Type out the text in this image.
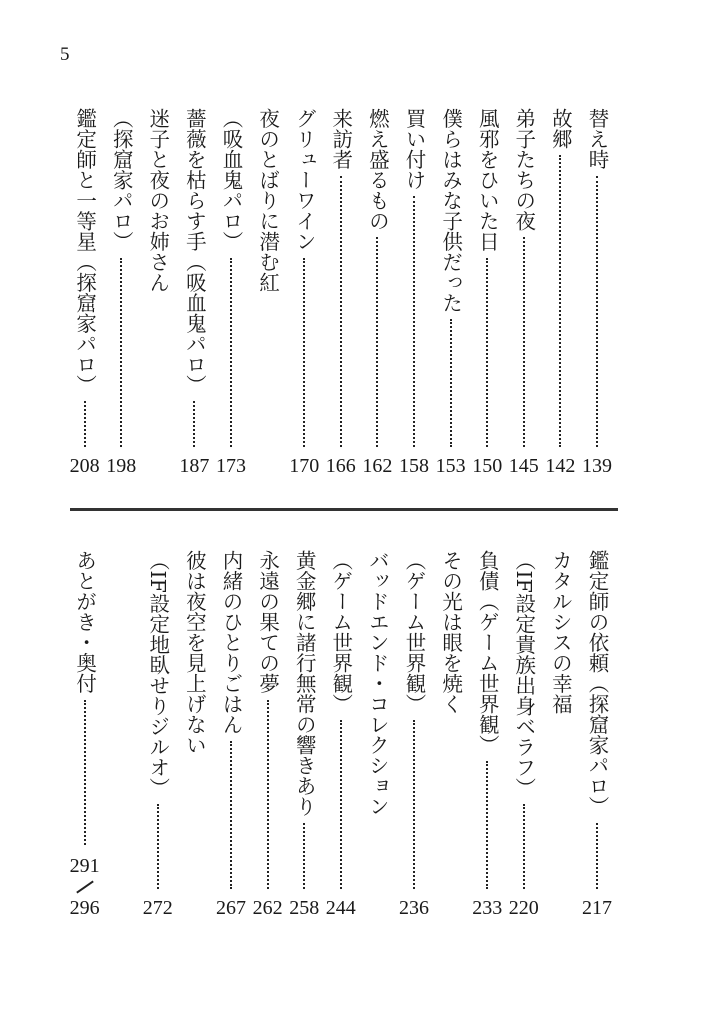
5
139
替え時
142
故郷
145
弟子たちの夜
150
風邪をひいた日
153
僕らはみな子供だった
158
買い付け
162
燃え盛るもの
166
来訪者
170
グリューワイン
夜のとばりに潜む紅
173
（吸血鬼パロ）
187
薔薇を枯らす手（吸血鬼パロ）
迷子と夜のお姉さん
198
（探窟家パロ）
208
鑑定師と一等星（探窟家パロ）
217
鑑定師の依頼（探窟家パロ）
カタルシスの幸福
220
（IF設定貴族出身ベラフ）
233
負債（ゲーム世界観）
その光は眼を焼く
236
（ゲーム世界観）
バッドエンド・コレクション
244
（ゲーム世界観）
258
黄金郷に諸行無常の響きあり
262
永遠の果ての夢
267
内緒のひとりごはん
彼は夜空を見上げない
272
（IF設定地臥せりジルオ）
291
296
あとがき・奥付
